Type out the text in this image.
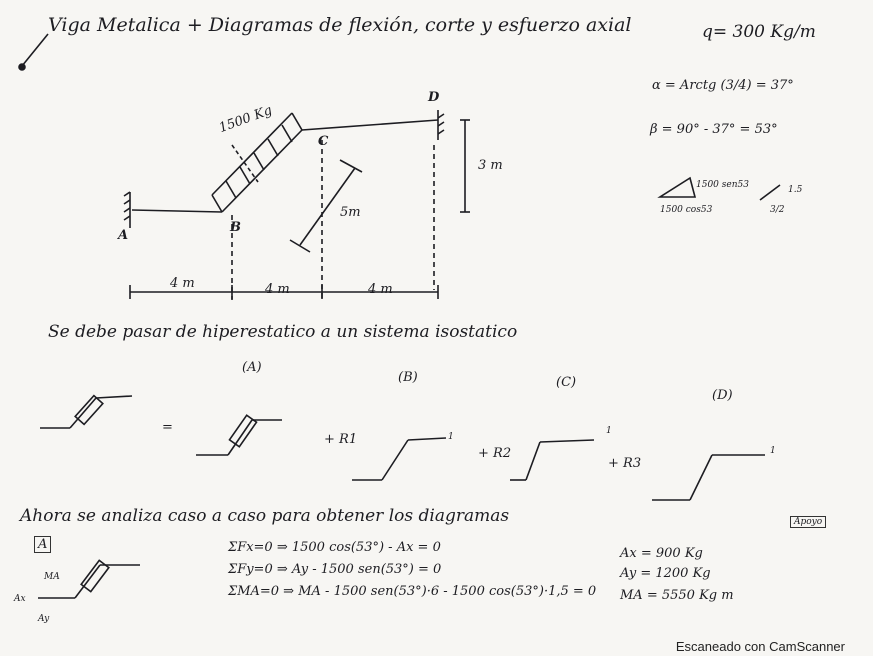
Viga Metalica + Diagramas de flexión, corte y esfuerzo axial	q= 300 Kg/m
α = Arctg (3/4) = 37°
β = 90° - 37° = 53°
1500 sen53
1500 cos53
1.5
3/2
1500 Kg
A
B
C
D
3 m
5m
4 m	4 m	4 m
Se debe pasar de hiperestatico a un sistema isostatico
(A)
(B)	(C)
(D)
=
+ R1
+ R2
+ R3
1
1
1
Ahora se analiza caso a caso para obtener los diagramas
A	ΣFx=0 ⇒ 1500 cos(53°) - Ax = 0
ΣFy=0 ⇒ Ay - 1500 sen(53°) = 0
ΣMA=0 ⇒ MA - 1500 sen(53°)·6 - 1500 cos(53°)·1,5 = 0
Ax = 900 Kg
Ay = 1200 Kg
MA = 5550 Kg m
Apoyo
MA
Ax
Ay
Escaneado con CamScanner
